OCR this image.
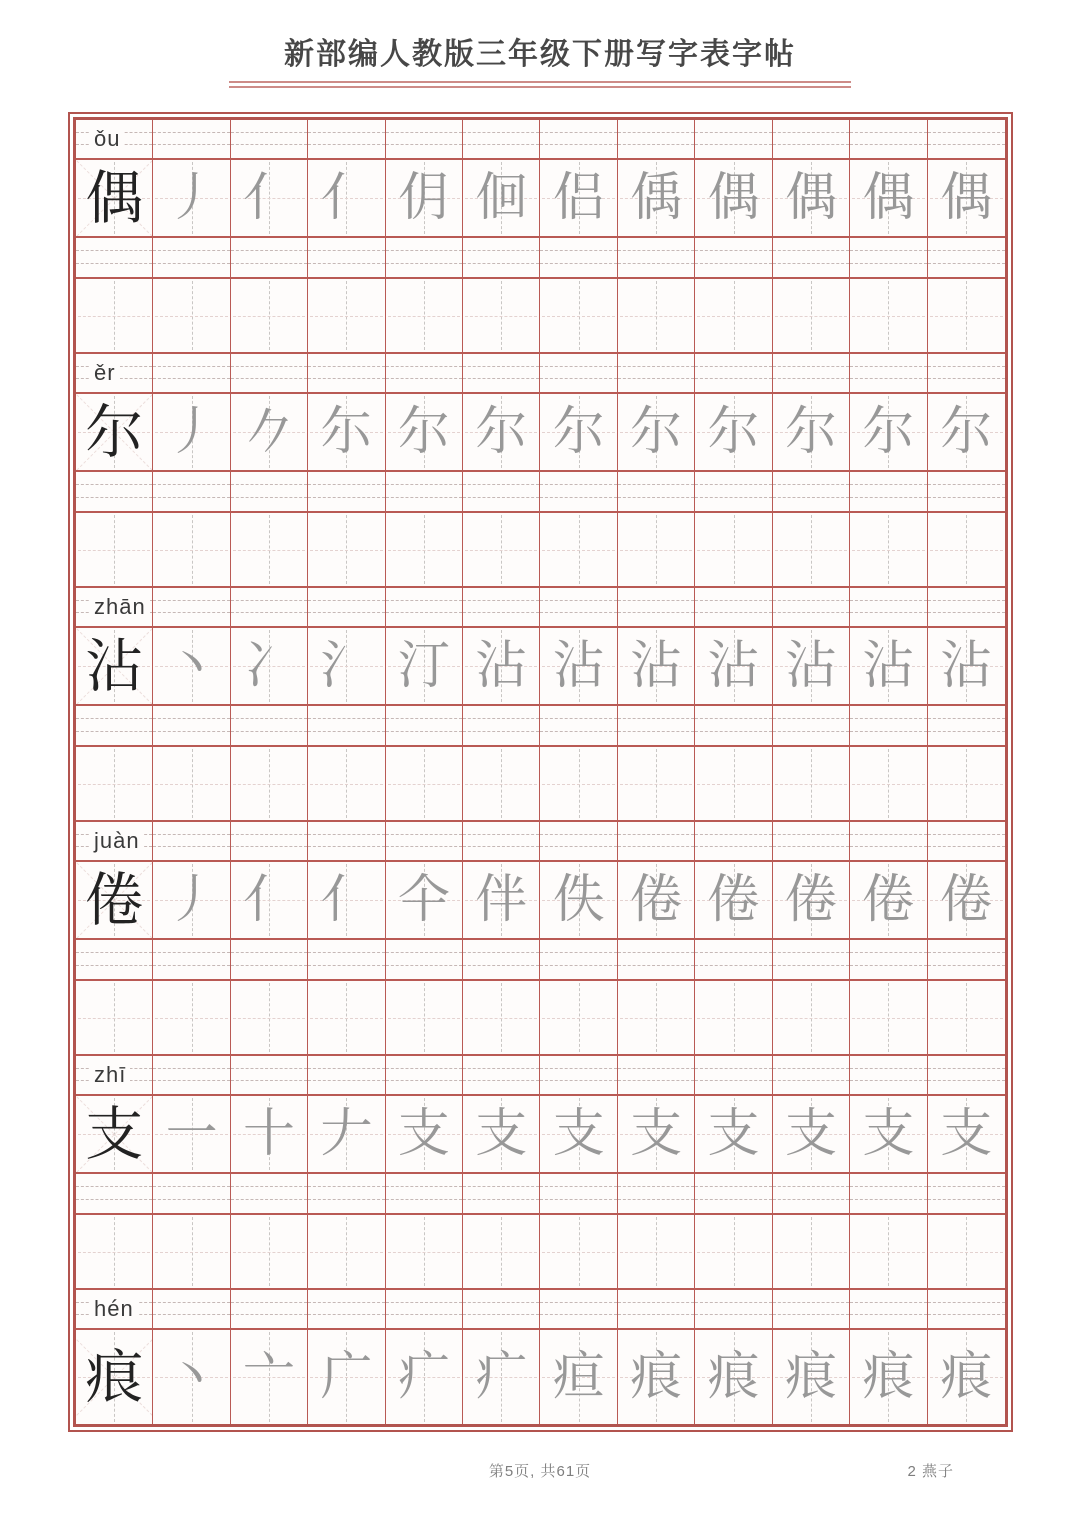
新部编人教版三年级下册写字表字帖
ǒu
偶 丿 亻 亻 仴 佪 侣 偊 偶 偶 偶 偶
ěr
尔 丿 𠂊 尓 尔 尔 尔 尔 尔 尔 尔 尔
zhān
沾 丶 冫 氵 汀 沾 沾 沾 沾 沾 沾 沾
juàn
倦 丿 亻 亻 仐 伴 佚 倦 倦 倦 倦 倦
zhī
支 一 十 𠂇 支 支 支 支 支 支 支 支
hén
痕 丶 亠 广 疒 疒 疸 痕 痕 痕 痕 痕
第5页, 共61页	2 燕子
